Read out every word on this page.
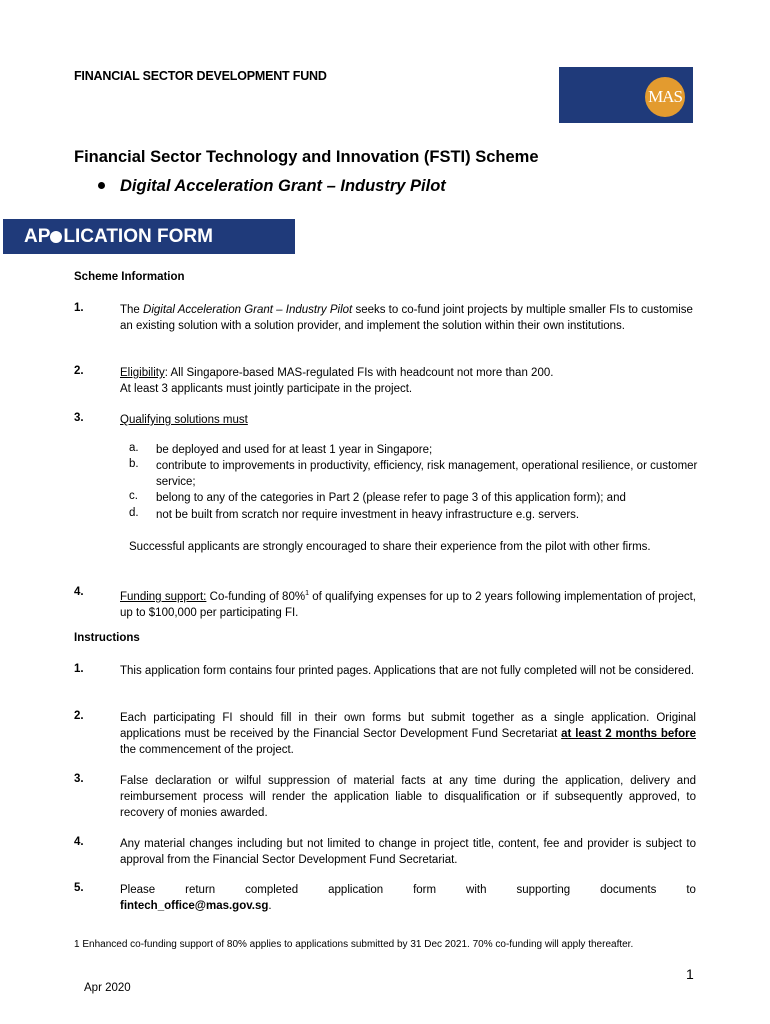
FINANCIAL SECTOR DEVELOPMENT FUND
MAS
Financial Sector Technology and Innovation (FSTI) Scheme
Digital Acceleration Grant – Industry Pilot
AP LICATION FORM
Scheme Information
1.	The Digital Acceleration Grant – Industry Pilot seeks to co-fund joint projects by multiple smaller FIs to customise an existing solution with a solution provider, and implement the solution within their own institutions.
2.	Eligibility: All Singapore-based MAS-regulated FIs with headcount not more than 200.
At least 3 applicants must jointly participate in the project.
3.	Qualifying solutions must
a. be deployed and used for at least 1 year in Singapore;
b. contribute to improvements in productivity, efficiency, risk management, operational resilience, or customer service;
c. belong to any of the categories in Part 2 (please refer to page 3 of this application form); and
d. not be built from scratch nor require investment in heavy infrastructure e.g. servers.
Successful applicants are strongly encouraged to share their experience from the pilot with other firms.
4.	Funding support: Co-funding of 80%$^1$ of qualifying expenses for up to 2 years following implementation of project, up to $100,000 per participating FI.
Instructions
1.	This application form contains four printed pages. Applications that are not fully completed will not be considered.
2.	Each participating FI should fill in their own forms but submit together as a single application. Original applications must be received by the Financial Sector Development Fund Secretariat at least 2 months before the commencement of the project.
3.	False declaration or wilful suppression of material facts at any time during the application, delivery and reimbursement process will render the application liable to disqualification or if subsequently approved, to recovery of monies awarded.
4.	Any material changes including but not limited to change in project title, content, fee and provider is subject to approval from the Financial Sector Development Fund Secretariat.
5.	Please	return	completed	application	form	with	supporting	documents	to
fintech_office@mas.gov.sg.
1 Enhanced co-funding support of 80% applies to applications submitted by 31 Dec 2021. 70% co-funding will apply thereafter.
1
Apr 2020
